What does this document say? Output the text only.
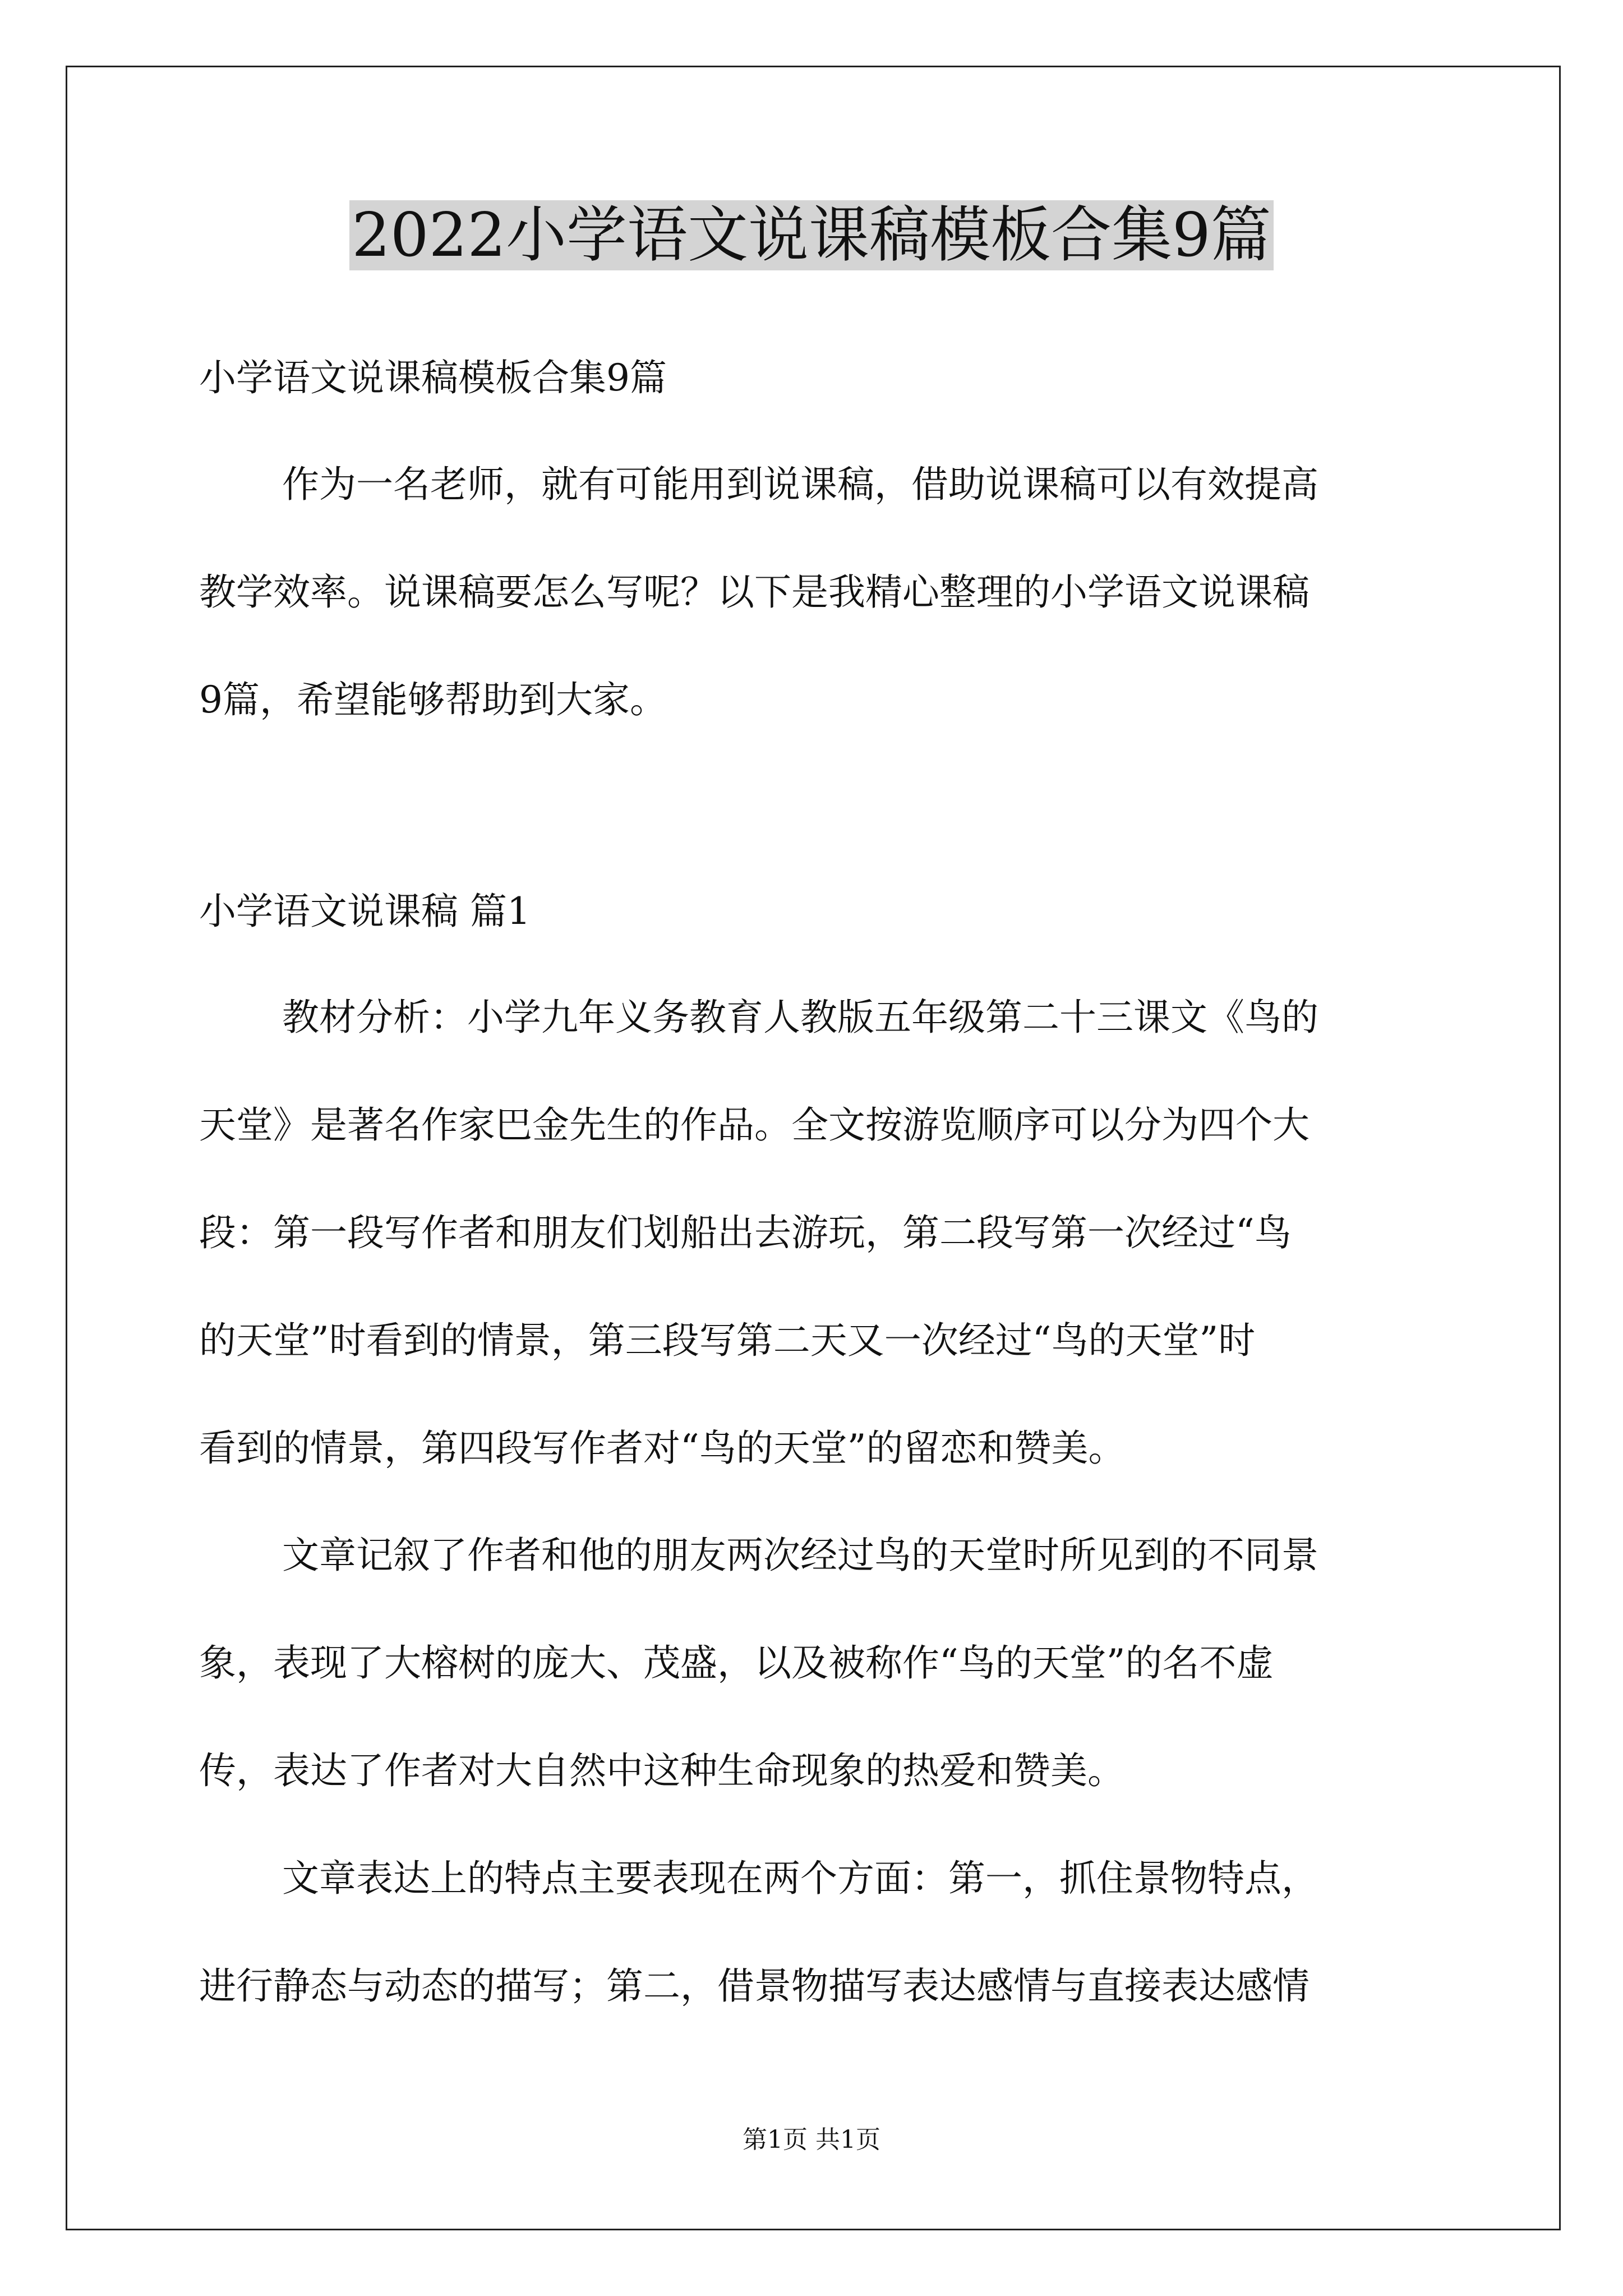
2022小学语文说课稿模板合集9篇
小学语文说课稿模板合集9篇
作为一名老师，就有可能用到说课稿，借助说课稿可以有效提高
教学效率。说课稿要怎么写呢？以下是我精心整理的小学语文说课稿
9篇，希望能够帮助到大家。
小学语文说课稿 篇1
教材分析：小学九年义务教育人教版五年级第二十三课文《鸟的
天堂》是著名作家巴金先生的作品。全文按游览顺序可以分为四个大
段：第一段写作者和朋友们划船出去游玩，第二段写第一次经过“鸟
的天堂”时看到的情景，第三段写第二天又一次经过“鸟的天堂”时
看到的情景，第四段写作者对“鸟的天堂”的留恋和赞美。
文章记叙了作者和他的朋友两次经过鸟的天堂时所见到的不同景
象，表现了大榕树的庞大、茂盛，以及被称作“鸟的天堂”的名不虚
传，表达了作者对大自然中这种生命现象的热爱和赞美。
文章表达上的特点主要表现在两个方面：第一，抓住景物特点，
进行静态与动态的描写；第二，借景物描写表达感情与直接表达感情
第1页 共1页
